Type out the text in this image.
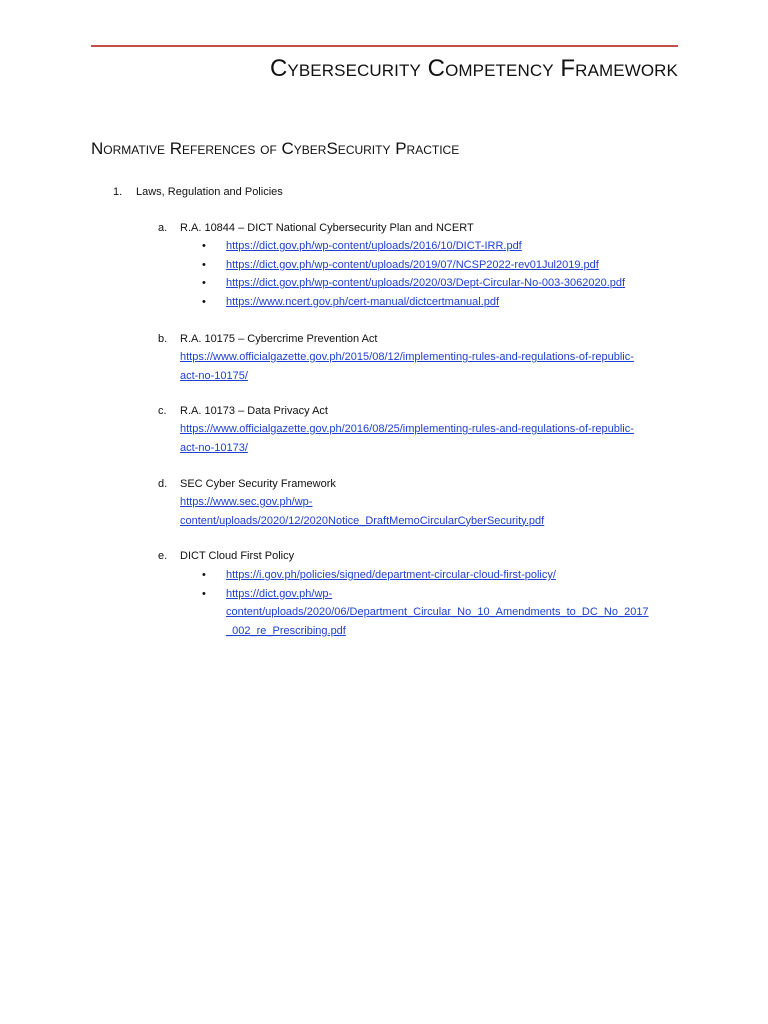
Cybersecurity Competency Framework
Normative References of CyberSecurity Practice
1. Laws, Regulation and Policies
a. R.A. 10844 – DICT National Cybersecurity Plan and NCERT
• https://dict.gov.ph/wp-content/uploads/2016/10/DICT-IRR.pdf
• https://dict.gov.ph/wp-content/uploads/2019/07/NCSP2022-rev01Jul2019.pdf
• https://dict.gov.ph/wp-content/uploads/2020/03/Dept-Circular-No-003-3062020.pdf
• https://www.ncert.gov.ph/cert-manual/dictcertmanual.pdf
b. R.A. 10175 – Cybercrime Prevention Act
https://www.officialgazette.gov.ph/2015/08/12/implementing-rules-and-regulations-of-republic-
act-no-10175/
c. R.A. 10173 – Data Privacy Act
https://www.officialgazette.gov.ph/2016/08/25/implementing-rules-and-regulations-of-republic-
act-no-10173/
d. SEC Cyber Security Framework
https://www.sec.gov.ph/wp-
content/uploads/2020/12/2020Notice_DraftMemoCircularCyberSecurity.pdf
e. DICT Cloud First Policy
• https://i.gov.ph/policies/signed/department-circular-cloud-first-policy/
• https://dict.gov.ph/wp-
content/uploads/2020/06/Department_Circular_No_10_Amendments_to_DC_No_2017
_002_re_Prescribing.pdf
